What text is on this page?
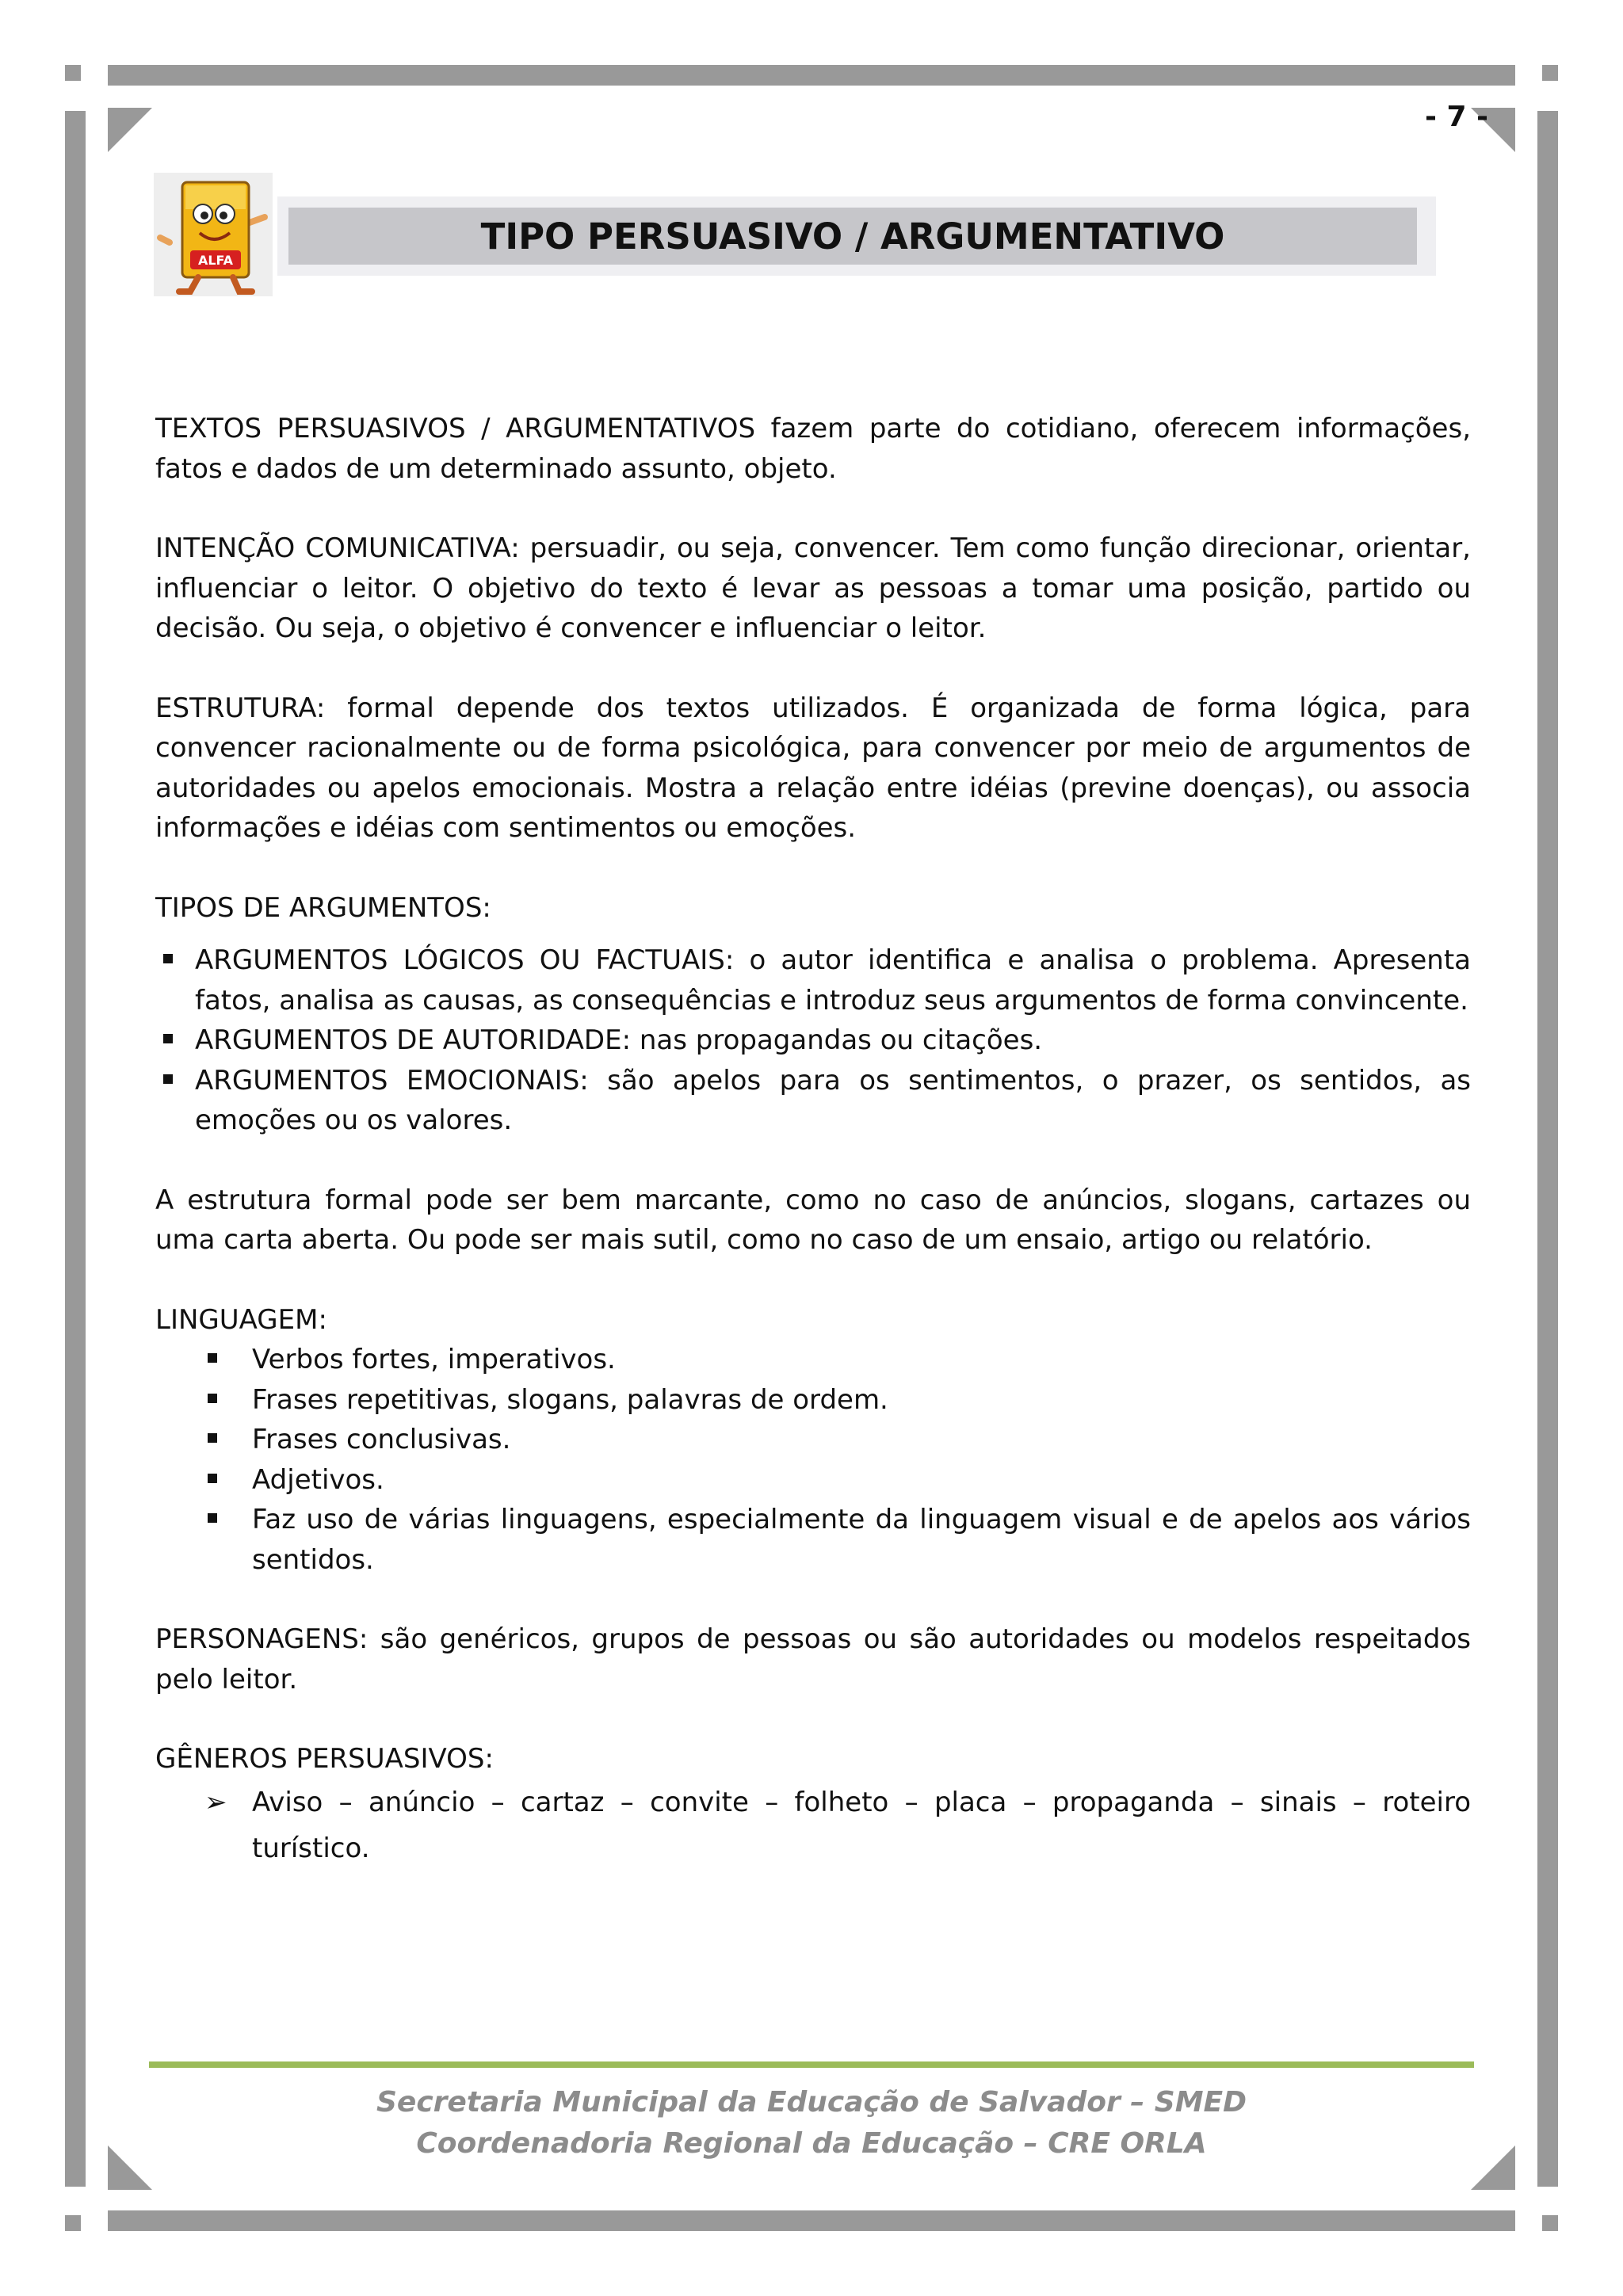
- 7 -
ALFA
TIPO PERSUASIVO / ARGUMENTATIVO

TEXTOS PERSUASIVOS / ARGUMENTATIVOS fazem parte do cotidiano, oferecem informações, fatos e dados de um determinado assunto, objeto.

INTENÇÃO COMUNICATIVA: persuadir, ou seja, convencer. Tem como função direcionar, orientar, influenciar o leitor. O objetivo do texto é levar as pessoas a tomar uma posição, partido ou decisão. Ou seja, o objetivo é convencer e influenciar o leitor.

ESTRUTURA: formal depende dos textos utilizados. É organizada de forma lógica, para convencer racionalmente ou de forma psicológica, para convencer por meio de argumentos de autoridades ou apelos emocionais. Mostra a relação entre idéias (previne doenças), ou associa informações e idéias com sentimentos ou emoções.

TIPOS DE ARGUMENTOS:

ARGUMENTOS LÓGICOS OU FACTUAIS: o autor identifica e analisa o problema. Apresenta fatos, analisa as causas, as consequências e introduz seus argumentos de forma convincente.
ARGUMENTOS DE AUTORIDADE: nas propagandas ou citações.
ARGUMENTOS EMOCIONAIS: são apelos para os sentimentos, o prazer, os sentidos, as emoções ou os valores.

A estrutura formal pode ser bem marcante, como no caso de anúncios, slogans, cartazes ou uma carta aberta. Ou pode ser mais sutil, como no caso de um ensaio, artigo ou relatório.

LINGUAGEM:

Verbos fortes, imperativos.
Frases repetitivas, slogans, palavras de ordem.
Frases conclusivas.
Adjetivos.
Faz uso de várias linguagens, especialmente da linguagem visual e de apelos aos vários sentidos.

PERSONAGENS: são genéricos, grupos de pessoas ou são autoridades ou modelos respeitados pelo leitor.

GÊNEROS PERSUASIVOS:

➢ Aviso – anúncio – cartaz – convite – folheto – placa – propaganda – sinais – roteiro turístico.
Secretaria Municipal da Educação de Salvador – SMED
Coordenadoria Regional da Educação – CRE ORLA
